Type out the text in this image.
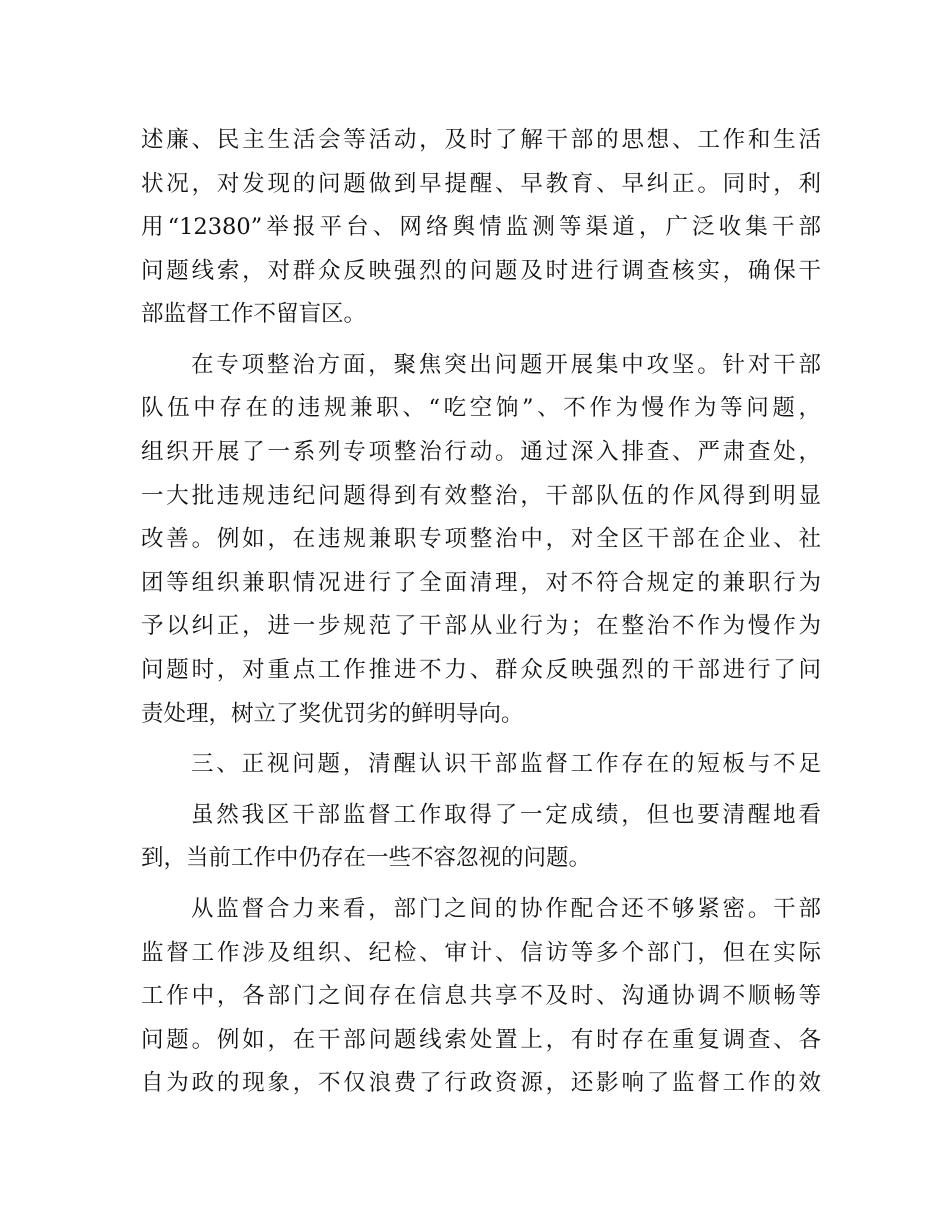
述廉、民主生活会等活动，及时了解干部的思想、工作和生活
状况，对发现的问题做到早提醒、早教育、早纠正。同时，利
用“12380”举报平台、网络舆情监测等渠道，广泛收集干部
问题线索，对群众反映强烈的问题及时进行调查核实，确保干
部监督工作不留盲区。
在专项整治方面，聚焦突出问题开展集中攻坚。针对干部
队伍中存在的违规兼职、“吃空饷”、不作为慢作为等问题，
组织开展了一系列专项整治行动。通过深入排查、严肃查处，
一大批违规违纪问题得到有效整治，干部队伍的作风得到明显
改善。例如，在违规兼职专项整治中，对全区干部在企业、社
团等组织兼职情况进行了全面清理，对不符合规定的兼职行为
予以纠正，进一步规范了干部从业行为；在整治不作为慢作为
问题时，对重点工作推进不力、群众反映强烈的干部进行了问
责处理，树立了奖优罚劣的鲜明导向。
三、正视问题，清醒认识干部监督工作存在的短板与不足
虽然我区干部监督工作取得了一定成绩，但也要清醒地看
到，当前工作中仍存在一些不容忽视的问题。
从监督合力来看，部门之间的协作配合还不够紧密。干部
监督工作涉及组织、纪检、审计、信访等多个部门，但在实际
工作中，各部门之间存在信息共享不及时、沟通协调不顺畅等
问题。例如，在干部问题线索处置上，有时存在重复调查、各
自为政的现象，不仅浪费了行政资源，还影响了监督工作的效
